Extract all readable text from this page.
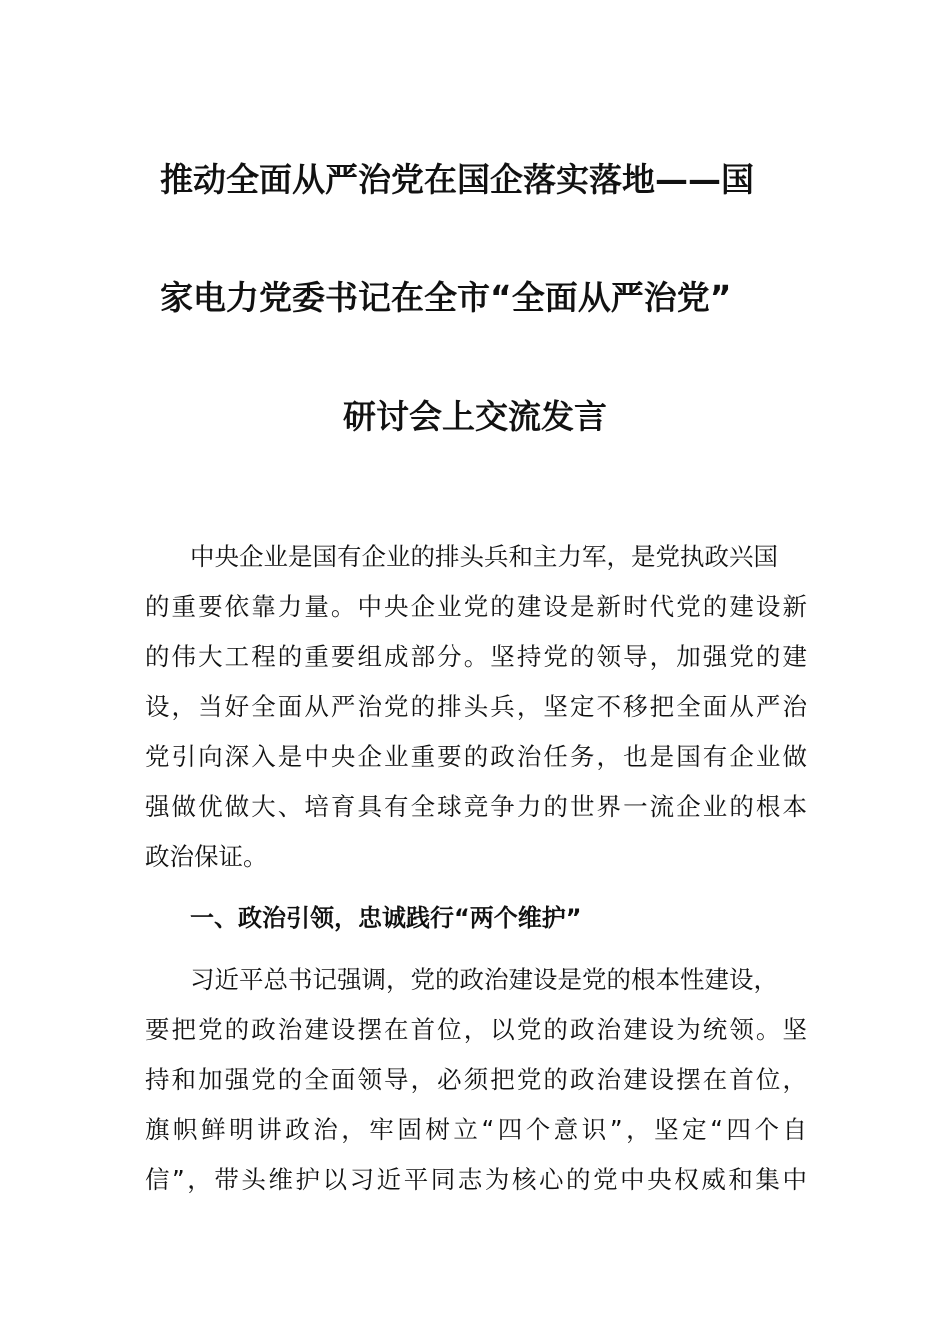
推动全面从严治党在国企落实落地——国
家电力党委书记在全市“全面从严治党”
研讨会上交流发言
中央企业是国有企业的排头兵和主力军，是党执政兴国
的重要依靠力量。中央企业党的建设是新时代党的建设新
的伟大工程的重要组成部分。坚持党的领导，加强党的建
设，当好全面从严治党的排头兵，坚定不移把全面从严治
党引向深入是中央企业重要的政治任务，也是国有企业做
强做优做大、培育具有全球竞争力的世界一流企业的根本
政治保证。
一、政治引领，忠诚践行“两个维护”
习近平总书记强调，党的政治建设是党的根本性建设，
要把党的政治建设摆在首位，以党的政治建设为统领。坚
持和加强党的全面领导，必须把党的政治建设摆在首位，
旗帜鲜明讲政治，牢固树立“四个意识”，坚定“四个自
信”，带头维护以习近平同志为核心的党中央权威和集中
